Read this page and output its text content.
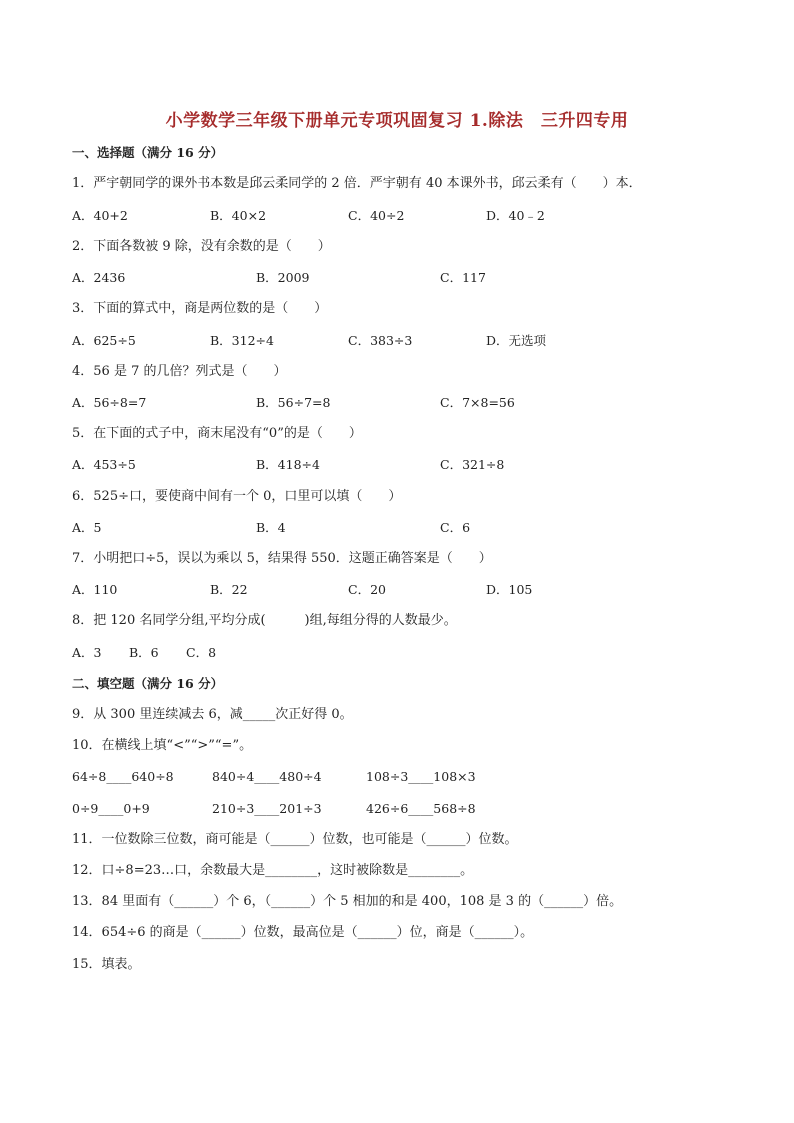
小学数学三年级下册单元专项巩固复习 1.除法　三升四专用
一、选择题（满分 16 分）
1．严宇朝同学的课外书本数是邱云柔同学的 2 倍．严宇朝有 40 本课外书，邱云柔有（　　）本．
A．40+2	B．40×2	C．40÷2	D．40﹣2
2．下面各数被 9 除，没有余数的是（　　）
A．2436	B．2009	C．117
3．下面的算式中，商是两位数的是（　　）
A．625÷5	B．312÷4	C．383÷3	D．无选项
4．56 是 7 的几倍？列式是（　　）
A．56÷8=7	B．56÷7=8	C．7×8=56
5．在下面的式子中，商末尾没有“0”的是（　　）
A．453÷5	B．418÷4	C．321÷8
6．525÷口，要使商中间有一个 0，口里可以填（　　）
A．5	B．4	C．6
7．小明把口÷5，误以为乘以 5，结果得 550．这题正确答案是（　　）
A．110	B．22	C．20	D．105
8．把 120 名同学分组,平均分成(　　　)组,每组分得的人数最少。
A．3 B．6 C．8
二、填空题（满分 16 分）
9．从 300 里连续减去 6，减_____次正好得 0。
10．在横线上填“<”“>”“=”。
64÷8____640÷8	840÷4____480÷4	108÷3____108×3
0÷9____0+9	210÷3____201÷3	426÷6____568÷8
11．一位数除三位数，商可能是（______）位数，也可能是（______）位数。
12．口÷8=23…口，余数最大是________，这时被除数是________。
13．84 里面有（______）个 6，（______）个 5 相加的和是 400，108 是 3 的（______）倍。
14．654÷6 的商是（______）位数，最高位是（______）位，商是（______）。
15．填表。
